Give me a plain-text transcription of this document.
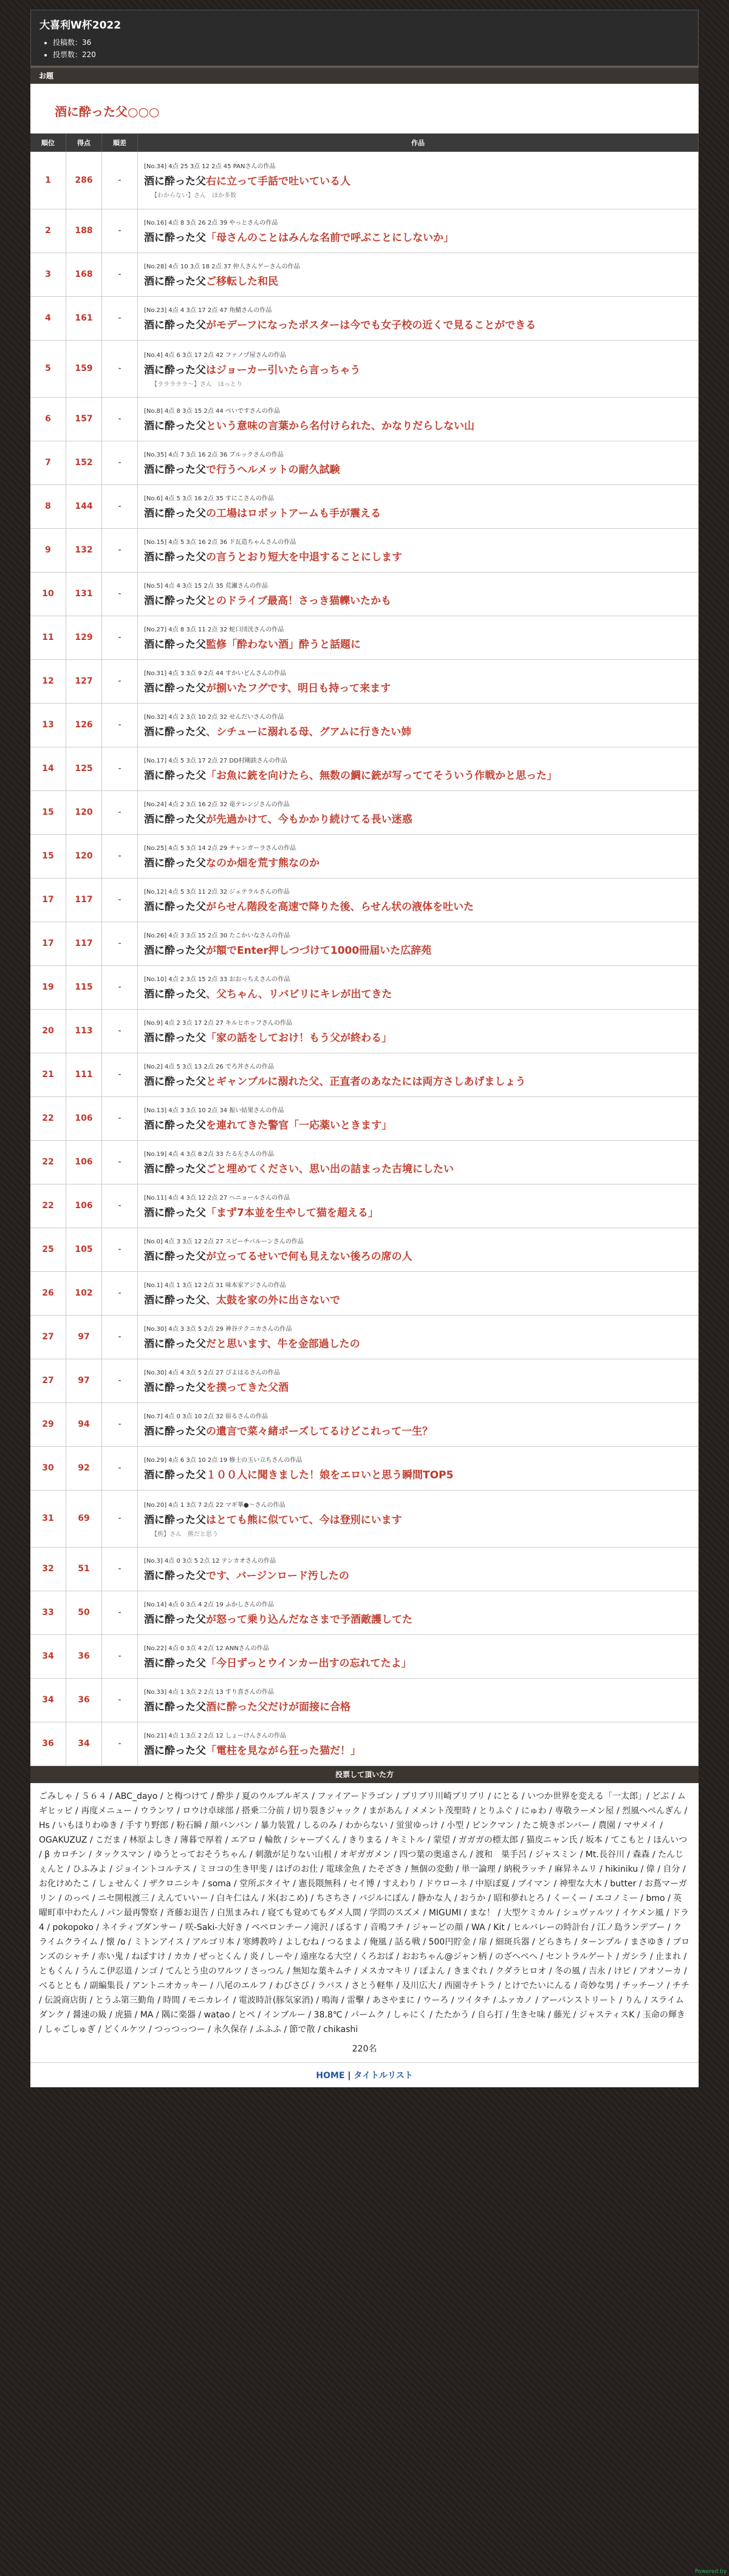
大喜利W杯2022
• 投稿数：36
• 投票数：220
お題
酒に酔った父○○○
順位	得点	順差	作品
1	286	-	[No.34] 4点 25 3点 12 2点 45 PANさんの作品
酒に酔った父右に立って手話で吐いている人
【わからない】さん　ほか多数

2	188	-	[No.16] 4点 8 3点 26 2点 39 やっとさんの作品
酒に酔った父「母さんのことはみんな名前で呼ぶことにしないか」

3	168	-	[No.28] 4点 10 3点 18 2点 37 仲人さんゲーさんの作品
酒に酔った父ご移転した和民

4	161	-	[No.23] 4点 4 3点 17 2点 47 角鯖さんの作品
酒に酔った父がモデーフになったポスターは今でも女子校の近くで見ることができる

5	159	-	[No.4] 4点 6 3点 17 2点 42 ファノプ屋さんの作品
酒に酔った父はジョーカー引いたら言っちゃう
【ラララララ〜】さん　ほっとり

6	157	-	[No.8] 4点 8 3点 15 2点 44 ぺいですさんの作品
酒に酔った父という意味の言葉から名付けられた、かなりだらしない山

7	152	-	[No.35] 4点 7 3点 16 2点 36 ブルックさんの作品
酒に酔った父で行うヘルメットの耐久試験

8	144	-	[No.6] 4点 5 3点 16 2点 35 すにこさんの作品
酒に酔った父の工場はロボットアームも手が震える

9	132	-	[No.15] 4点 5 3点 16 2点 36 ド瓦造ちゃんさんの作品
酒に酔った父の言うとおり短大を中退することにします

10	131	-	[No.5] 4点 4 3点 15 2点 35 荒瀬さんの作品
酒に酔った父とのドライブ最高！さっき猫轢いたかも

11	129	-	[No.27] 4点 8 3点 11 2点 32 蛇口団洸さんの作品
酒に酔った父監修「酔わない酒」酔うと話題に

12	127	-	[No.31] 4点 3 3点 9 2点 44 すかいどんさんの作品
酒に酔った父が捌いたフグです、明日も持って来ます

13	126	-	[No.32] 4点 2 3点 10 2点 32 せんだいさんの作品
酒に酔った父、シチューに溺れる母、グアムに行きたい姉

14	125	-	[No.17] 4点 5 3点 17 2点 27 DD村剛鉄さんの作品
酒に酔った父「お魚に銃を向けたら、無数の鯛に銃が写っててそういう作戦かと思った」

15	120	-	[No.24] 4点 2 3点 16 2点 32 竜テレンジさんの作品
酒に酔った父が先過かけて、今もかかり続けてる長い迷惑

15	120	-	[No.25] 4点 5 3点 14 2点 29 チャンガーラさんの作品
酒に酔った父なのか畑を荒す熊なのか

17	117	-	[No.12] 4点 5 3点 11 2点 32 ジェテラルさんの作品
酒に酔った父がらせん階段を高速で降りた後、らせん状の液体を吐いた

17	117	-	[No.26] 4点 3 3点 15 2点 30 たこかいなさんの作品
酒に酔った父が額でEnter押しつづけて1000冊届いた広辞苑

19	115	-	[No.10] 4点 2 3点 15 2点 33 おおっちえさんの作品
酒に酔った父、父ちゃん、リバビリにキレが出てきた

20	113	-	[No.9] 4点 2 3点 17 2点 27 キルヒホッフさんの作品
酒に酔った父「家の話をしておけ！もう父が終わる」

21	111	-	[No.2] 4点 5 3点 13 2点 26 でろ丼さんの作品
酒に酔った父とギャンブルに溺れた父、正直者のあなたには両方さしあげましょう

22	106	-	[No.13] 4点 3 3点 10 2点 34 振い結果さんの作品
酒に酔った父を連れてきた警官「一応薬いときます」

22	106	-	[No.19] 4点 4 3点 8 2点 33 たる左さんの作品
酒に酔った父ごと埋めてください、思い出の詰まった古境にしたい

22	106	-	[No.11] 4点 4 3点 12 2点 27 ヘニョールさんの作品
酒に酔った父「まず7本並を生やして猫を超える」

25	105	-	[No.0] 4点 3 3点 12 2点 27 スピーチバルーンさんの作品
酒に酔った父が立ってるせいで何も見えない後ろの席の人

26	102	-	[No.1] 4点 1 3点 12 2点 31 味本家アジさんの作品
酒に酔った父、太鼓を家の外に出さないで

27	97	-	[No.30] 4点 3 3点 5 2点 29 神谷テクニカさんの作品
酒に酔った父だと思います、牛を金部過したの

27	97	-	[No.30] 4点 4 3点 5 2点 27 ぴよはるさんの作品
酒に酔った父を撲ってきた父酒

29	94	-	[No.7] 4点 0 3点 10 2点 32 宿るさんの作品
酒に酔った父の遺言で菜々緒ポーズしてるけどこれって一生？

30	92	-	[No.29] 4点 6 3点 10 2点 19 修士の玉い立ちさんの作品
酒に酔った父１００人に聞きました！娘をエロいと思う瞬間TOP5

31	69	-	[No.20] 4点 1 3点 7 2点 22 マギ華●〜さんの作品
酒に酔った父はとても熊に似ていて、今は登別にいます
【熊】さん　熊だと思う

32	51	-	[No.3] 4点 0 3点 5 2点 12 テンカオさんの作品
酒に酔った父です、バージンロード汚したの

33	50	-	[No.14] 4点 0 3点 4 2点 19 ふかしさんの作品
酒に酔った父が怒って乗り込んだなさまで予酒敵護してた

34	36	-	[No.22] 4点 0 3点 4 2点 12 ANNさんの作品
酒に酔った父「今日ずっとウインカー出すの忘れてたよ」

34	36	-	[No.33] 4点 1 3点 2 2点 13 すり喜さんの作品
酒に酔った父酒に酔った父だけが面接に合格

36	34	-	[No.21] 4点 1 3点 2 2点 12 しょーけんさんの作品
酒に酔った父「電柱を見ながら狂った猫だ！」
投票して頂いた方
ごみしゃ / ５６４ / ABC_dayo / と梅つけて / 酔歩 / 夏のウルブルギス / ファイアードラゴン / ブリブリ川崎ブリブリ / にとる / いつか世界を変える「一太郎」/ どぶ / ムギヒッピ / 再度メニュー / ウランワ / ロウけ卓球部 / 搭乗二分前 / 切り裂きジャック / まがあん / メメント茂聖時 / とりふぐ / にゅわ / 専敬ラーメン屋 / 烈風ヘぺんぎん / Hs / いもほりわゆき / 手すり野郎 / 粉石瞬 / 顔バンバン / 暴力装置 / しるのみ / わからない / 蛍蛍ゆっけ / 小型 / ピンクマン / たこ焼きボンバー / 農園 / マサメイ / OGAKUZUZ / こだま / 林原よしき / 薄暮で厚着 / エアロ / 輪飲 / シャーブくん / きりまる / キミトル / 蒙望 / ガガガの標太郎 / 猫皮ニャン氏 / 坂本 / てこもと / ほんいつ / β カロチン / タックスマン / ゆうとっておそうちゃん / 刺激が足りない山根 / オギガガメン / 四つ葉の奥遠さん / 渡和　巣手呂 / ジャスミン / Mt.長谷川 / 森森 / たんじぇんと / ひふみよ / ジョイントコルテス / ミヨコの生き甲斐 / はげのお仕 / 電球金魚 / たそざき / 無個の変動 / 単一論理 / 納税ラッチ / 麻昇ネムリ / hikiniku / 偉 / 自分 / お化けめたこ / しょせんく / ザクロニシキ / soma / 堂所ぶタイヤ / 憲長隈無科 / セイ博 / すえわり / ドウローネ / 中原ぽ夏 / ブイマン / 神聖な大木 / butter / お蔦マーガリン / のっぺ / ニセ開根渡三 / えんていいー / 白キ仁はん / 米(おこめ) / ちさちさ / バジルにぽん / 静かな人 / おうか / 昭和夢れとろ / くーくー / エコノミー / bmo / 英曜町車中わたん / パン最再警察 / 斉藤お退告 / 白黒まみれ / 寝ても覚めてもダメ人間 / 学問のスズメ / MIGUMI / まな！ / 大型ケミカル / シュヴァルツ / イケメン風 / ドラ4 / pokopoko / ネイティブダンサー / 咲-Saki-大好き / ペペロンチーノ滝沢 / ぼるす / 音鳴フチ / ジャーどの顔 / WA / Kit / ヒルバレーの時計台 / 江ノ島ランデブー / クライムクライム / 懐 /ο / ミトンアイス / アルゴリ本 / 寒縛教吟 / よしむね / つるまよ / 俺風 / 話る戦 / 500円貯金 / 扉 / 細斑兵器 / どらきち / ターンプル / まさゆき / ブロンズのシャチ / 赤い鬼 / ねぽすけ / カカ / ぜっとくん / 炎 / しーや / 遠座なる大空 / くろおば / おおちゃん@ジャン柄 / のざへぺへ / セントラルゲート / ガシラ / 止まれ / ともくん / うんこ伊忍道 / ンゴ / てんとう虫のワルツ / さっつん / 無知な葉キムチ / メスカマキリ / ぽよん / きまぐれ / クダラヒロオ / 冬の風 / 吉永 / けビ / アオソーカ / べるととも / 副編集長 / アントニオカッキー / 八尾のエルフ / わびさび / ラバス / さとう軽隼 / 及川広大 / 西園寺チトラ / とけでたいにんる / 奇妙な男 / チッチーソ / チチ / 伝説商店街 / とうふ第三勤角 / 時間 / モニカレイ / 電波時計(豚気家消) / 鳴海 / 雷擊 / あさやまに / ウーろ / ツイタチ / ふァカノ / アーパンストリート / りん / スライムダンク / 醤速の級 / 虎猫 / MA / 隅に楽器 / watao / とペ / インブルー / 38.8℃ / パームク / しゃにく / たたかう / 自ら打 / 生きセ味 / 藤光 / ジャスティスK / 玉命の輝き / しゃごしゅぎ / どくルケツ / つっつっつー / 永久保存 / ふふふ / 節で散 / chikashi
220名
HOME | タイトルリスト
Powered by
